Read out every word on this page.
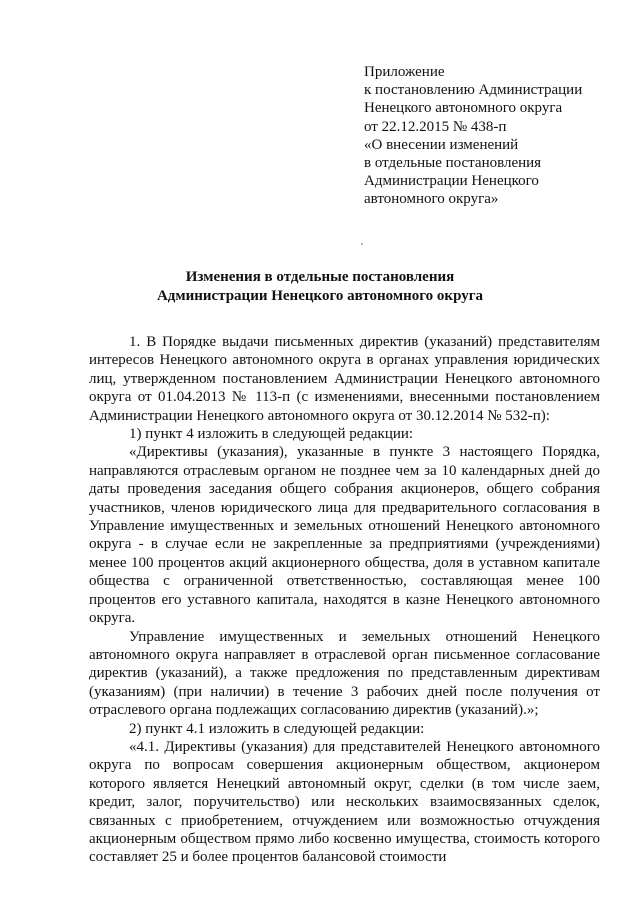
Приложение
к постановлению Администрации
Ненецкого автономного округа
от 22.12.2015 № 438-п
«О внесении изменений
в отдельные постановления
Администрации Ненецкого
автономного округа»
Изменения в отдельные постановления
Администрации Ненецкого автономного округа

1. В Порядке выдачи письменных директив (указаний) представителям интересов Ненецкого автономного округа в органах управления юридических лиц, утвержденном постановлением Администрации Ненецкого автономного округа от 01.04.2013 № 113-п (с изменениями, внесенными постановлением Администрации Ненецкого автономного округа от 30.12.2014 № 532-п):

1) пункт 4 изложить в следующей редакции:

«Директивы (указания), указанные в пункте 3 настоящего Порядка, направляются отраслевым органом не позднее чем за 10 календарных дней до даты проведения заседания общего собрания акционеров, общего собрания участников, членов юридического лица для предварительного согласования в Управление имущественных и земельных отношений Ненецкого автономного округа - в случае если не закрепленные за предприятиями (учреждениями) менее 100 процентов акций акционерного общества, доля в уставном капитале общества с ограниченной ответственностью, составляющая менее 100 процентов его уставного капитала, находятся в казне Ненецкого автономного округа.

Управление имущественных и земельных отношений Ненецкого автономного округа направляет в отраслевой орган письменное согласование директив (указаний), а также предложения по представленным директивам (указаниям) (при наличии) в течение 3 рабочих дней после получения от отраслевого органа подлежащих согласованию директив (указаний).»;

2) пункт 4.1 изложить в следующей редакции:

«4.1. Директивы (указания) для представителей Ненецкого автономного округа по вопросам совершения акционерным обществом, акционером которого является Ненецкий автономный округ, сделки (в том числе заем, кредит, залог, поручительство) или нескольких взаимосвязанных сделок, связанных с приобретением, отчуждением или возможностью отчуждения акционерным обществом прямо либо косвенно имущества, стоимость которого составляет 25 и более процентов балансовой стоимости
